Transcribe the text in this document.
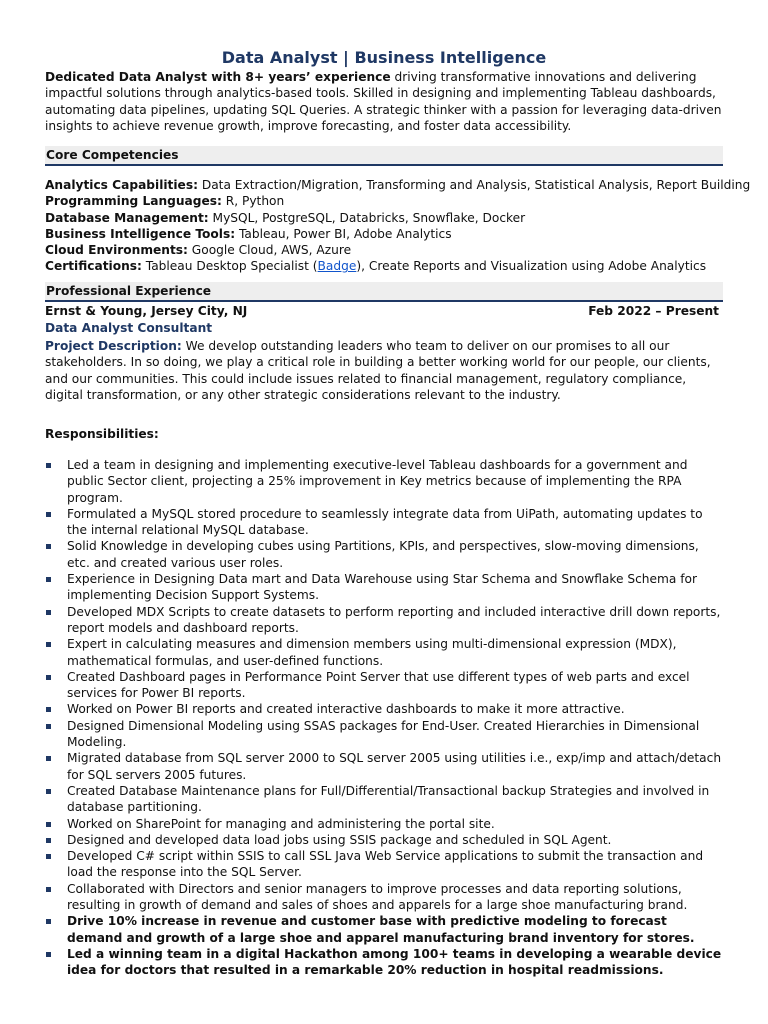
Data Analyst | Business Intelligence

Dedicated Data Analyst with 8+ years’ experience driving transformative innovations and delivering impactful solutions through analytics-based tools. Skilled in designing and implementing Tableau dashboards, automating data pipelines, updating SQL Queries. A strategic thinker with a passion for leveraging data-driven insights to achieve revenue growth, improve forecasting, and foster data accessibility.

Core Competencies
Analytics Capabilities: Data Extraction/Migration, Transforming and Analysis, Statistical Analysis, Report Building
Programming Languages: R, Python
Database Management: MySQL, PostgreSQL, Databricks, Snowflake, Docker
Business Intelligence Tools: Tableau, Power BI, Adobe Analytics
Cloud Environments: Google Cloud, AWS, Azure
Certifications: Tableau Desktop Specialist (Badge), Create Reports and Visualization using Adobe Analytics
Professional Experience
Ernst & Young, Jersey City, NJ	Feb 2022 – Present
Data Analyst Consultant

Project Description: We develop outstanding leaders who team to deliver on our promises to all our stakeholders. In so doing, we play a critical role in building a better working world for our people, our clients, and our communities. This could include issues related to financial management, regulatory compliance, digital transformation, or any other strategic considerations relevant to the industry.

Responsibilities:
Led a team in designing and implementing executive-level Tableau dashboards for a government and public Sector client, projecting a 25% improvement in Key metrics because of implementing the RPA program.
Formulated a MySQL stored procedure to seamlessly integrate data from UiPath, automating updates to the internal relational MySQL database.
Solid Knowledge in developing cubes using Partitions, KPIs, and perspectives, slow-moving dimensions, etc. and created various user roles.
Experience in Designing Data mart and Data Warehouse using Star Schema and Snowflake Schema for implementing Decision Support Systems.
Developed MDX Scripts to create datasets to perform reporting and included interactive drill down reports, report models and dashboard reports.
Expert in calculating measures and dimension members using multi-dimensional expression (MDX), mathematical formulas, and user-defined functions.
Created Dashboard pages in Performance Point Server that use different types of web parts and excel services for Power BI reports.
Worked on Power BI reports and created interactive dashboards to make it more attractive.
Designed Dimensional Modeling using SSAS packages for End-User. Created Hierarchies in Dimensional Modeling.
Migrated database from SQL server 2000 to SQL server 2005 using utilities i.e., exp/imp and attach/detach for SQL servers 2005 futures.
Created Database Maintenance plans for Full/Differential/Transactional backup Strategies and involved in database partitioning.
Worked on SharePoint for managing and administering the portal site.
Designed and developed data load jobs using SSIS package and scheduled in SQL Agent.
Developed C# script within SSIS to call SSL Java Web Service applications to submit the transaction and load the response into the SQL Server.
Collaborated with Directors and senior managers to improve processes and data reporting solutions, resulting in growth of demand and sales of shoes and apparels for a large shoe manufacturing brand.
Drive 10% increase in revenue and customer base with predictive modeling to forecast demand and growth of a large shoe and apparel manufacturing brand inventory for stores.
Led a winning team in a digital Hackathon among 100+ teams in developing a wearable device idea for doctors that resulted in a remarkable 20% reduction in hospital readmissions.
